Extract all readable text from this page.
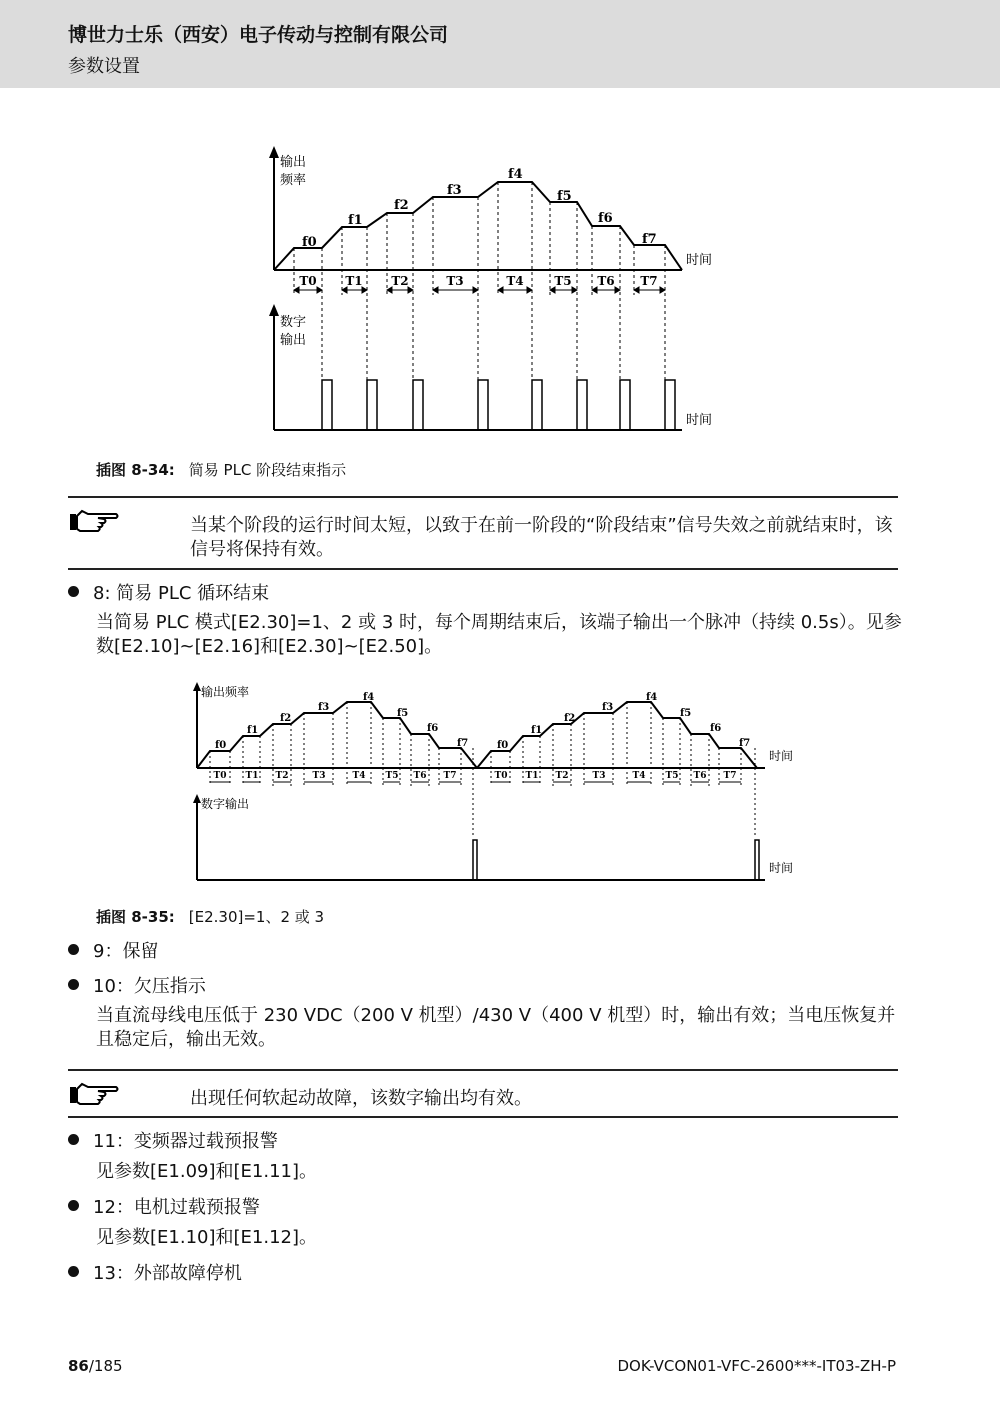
博世力士乐（西安）电子传动与控制有限公司
参数设置
输出
频率
时间
f0
f1
f2
f3
f4
f5
f6
f7
T0 T1 T2	T3	T4	T5 T6 T7
数字
输出
时间
插图 8-34: 简易 PLC 阶段结束指示
当某个阶段的运行时间太短，以致于在前一阶段的“阶段结束”信号失效之前就结束时，该信号将保持有效。
8: 简易 PLC 循环结束
当简易 PLC 模式[E2.30]=1、2 或 3 时，每个周期结束后，该端子输出一个脉冲（持续 0.5s）。见参数[E2.10]~[E2.16]和[E2.30]~[E2.50]。
输出频率
时间
f0
f1
f2
f3
f4
f5
f6
f7	f0
f1
f2
f3
f4
f5
f6
f7
T0 T1 T2	T3	T4 T5 T6 T7	T0 T1 T2	T3	T4 T5 T6 T7
数字输出
时间
插图 8-35: [E2.30]=1、2 或 3
9：保留
10：欠压指示
当直流母线电压低于 230 VDC（200 V 机型）/430 V（400 V 机型）时，输出有效；当电压恢复并且稳定后，输出无效。
出现任何软起动故障，该数字输出均有效。
11：变频器过载预报警
见参数[E1.09]和[E1.11]。
12：电机过载预报警
见参数[E1.10]和[E1.12]。
13：外部故障停机
86/185	DOK-VCON01-VFC-2600***-IT03-ZH-P
